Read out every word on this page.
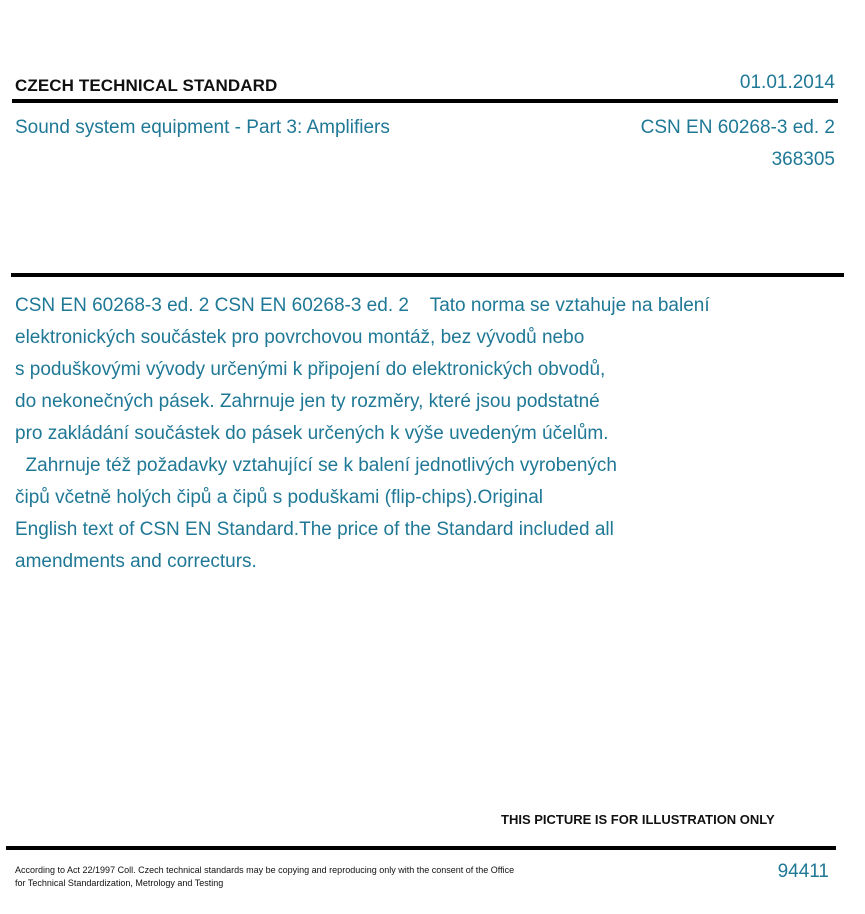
CZECH TECHNICAL STANDARD	01.01.2014
Sound system equipment - Part 3: Amplifiers	CSN EN 60268-3 ed. 2
368305
CSN EN 60268-3 ed. 2 CSN EN 60268-3 ed. 2    Tato norma se vztahuje na balení
elektronických součástek pro povrchovou montáž, bez vývodů nebo
s poduškovými vývody určenými k připojení do elektronických obvodů,
do nekonečných pásek. Zahrnuje jen ty rozměry, které jsou podstatné
pro zakládání součástek do pásek určených k výše uvedeným účelům.
Zahrnuje též požadavky vztahující se k balení jednotlivých vyrobených
čipů včetně holých čipů a čipů s poduškami (flip-chips).Original
English text of CSN EN Standard.The price of the Standard included all
amendments and correcturs.
THIS PICTURE IS FOR ILLUSTRATION ONLY
According to Act 22/1997 Coll. Czech technical standards may be copying and reproducing only with the consent of the Office
for Technical Standardization, Metrology and Testing
94411
